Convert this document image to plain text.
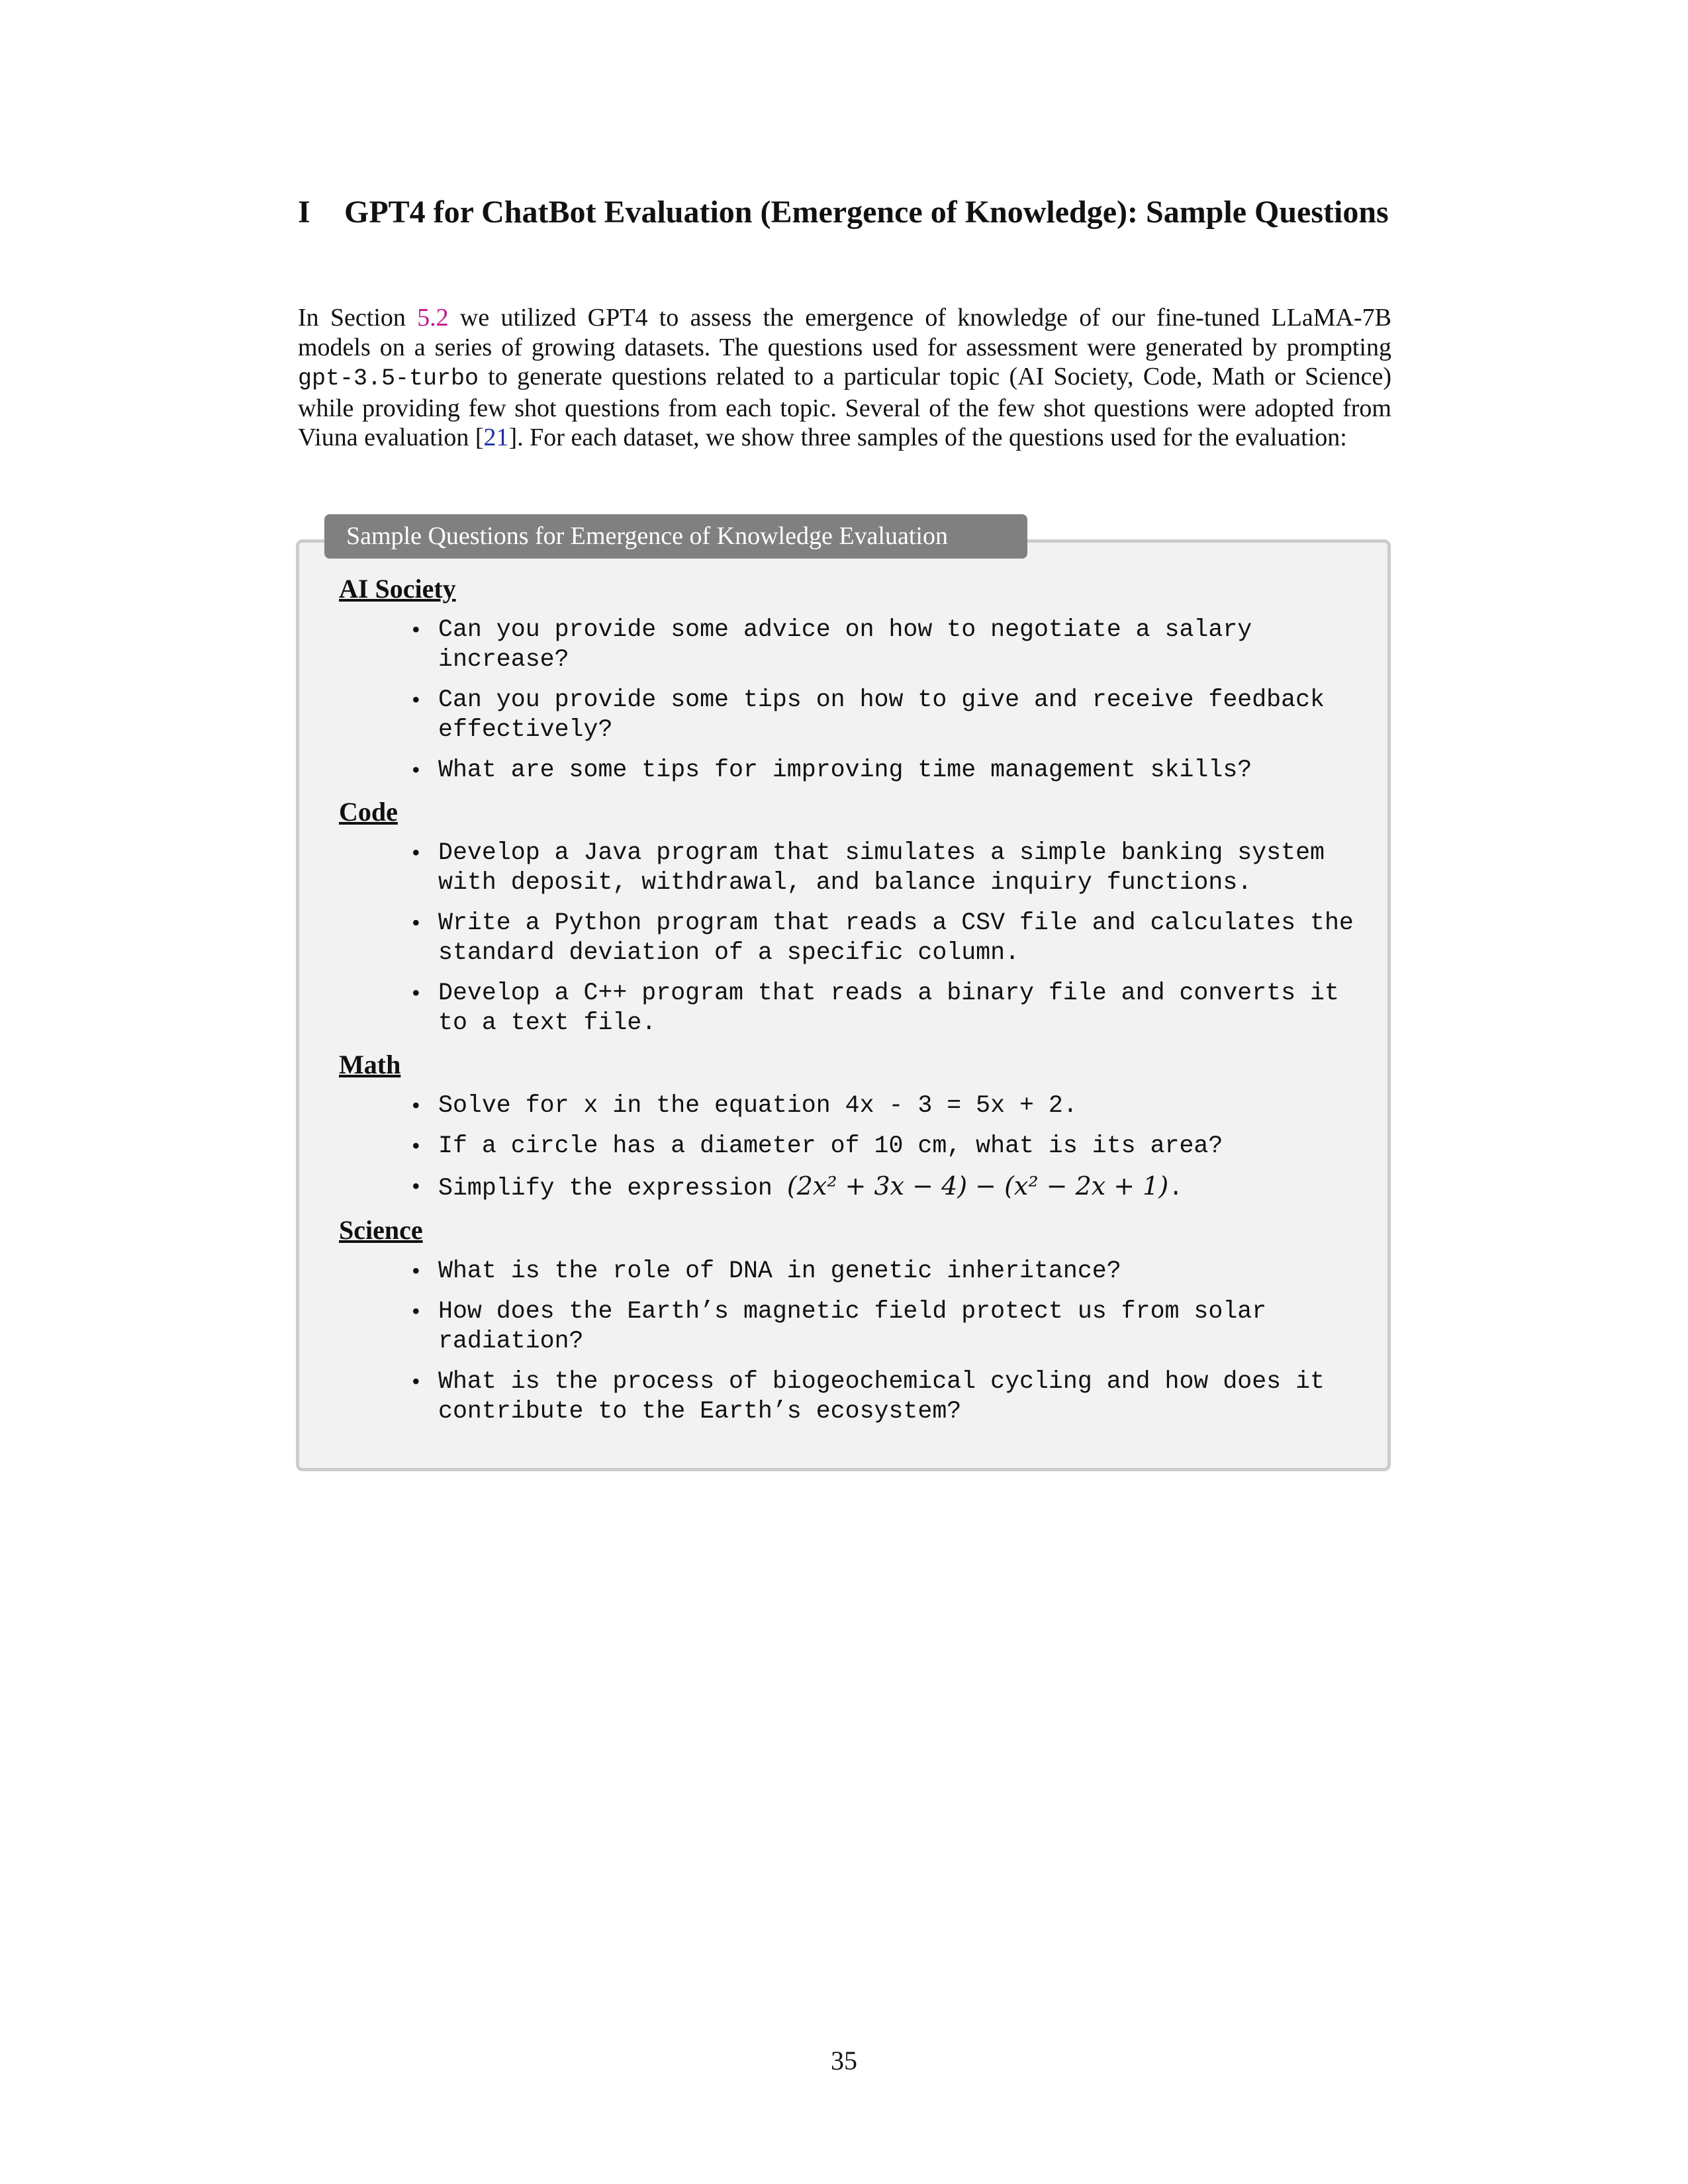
I	GPT4 for ChatBot Evaluation (Emergence of Knowledge): Sample Questions

In Section 5.2 we utilized GPT4 to assess the emergence of knowledge of our fine-tuned LLaMA-7B models on a series of growing datasets. The questions used for assessment were generated by prompting gpt-3.5-turbo to generate questions related to a particular topic (AI Society, Code, Math or Science) while providing few shot questions from each topic. Several of the few shot questions were adopted from Viuna evaluation [21]. For each dataset, we show three samples of the questions used for the evaluation:

AI Society
• Can you provide some advice on how to negotiate a salary increase?
• Can you provide some tips on how to give and receive feedback effectively?
• What are some tips for improving time management skills?
Code
• Develop a Java program that simulates a simple banking system with deposit, withdrawal, and balance inquiry functions.
• Write a Python program that reads a CSV file and calculates the standard deviation of a specific column.
• Develop a C++ program that reads a binary file and converts it to a text file.
Math
• Solve for x in the equation 4x - 3 = 5x + 2.
• If a circle has a diameter of 10 cm, what is its area?
• Simplify the expression (2x² + 3x − 4) − (x² − 2x + 1).
Science
• What is the role of DNA in genetic inheritance?
• How does the Earth’s magnetic field protect us from solar radiation?
• What is the process of biogeochemical cycling and how does it contribute to the Earth’s ecosystem?
Sample Questions for Emergence of Knowledge Evaluation
35
